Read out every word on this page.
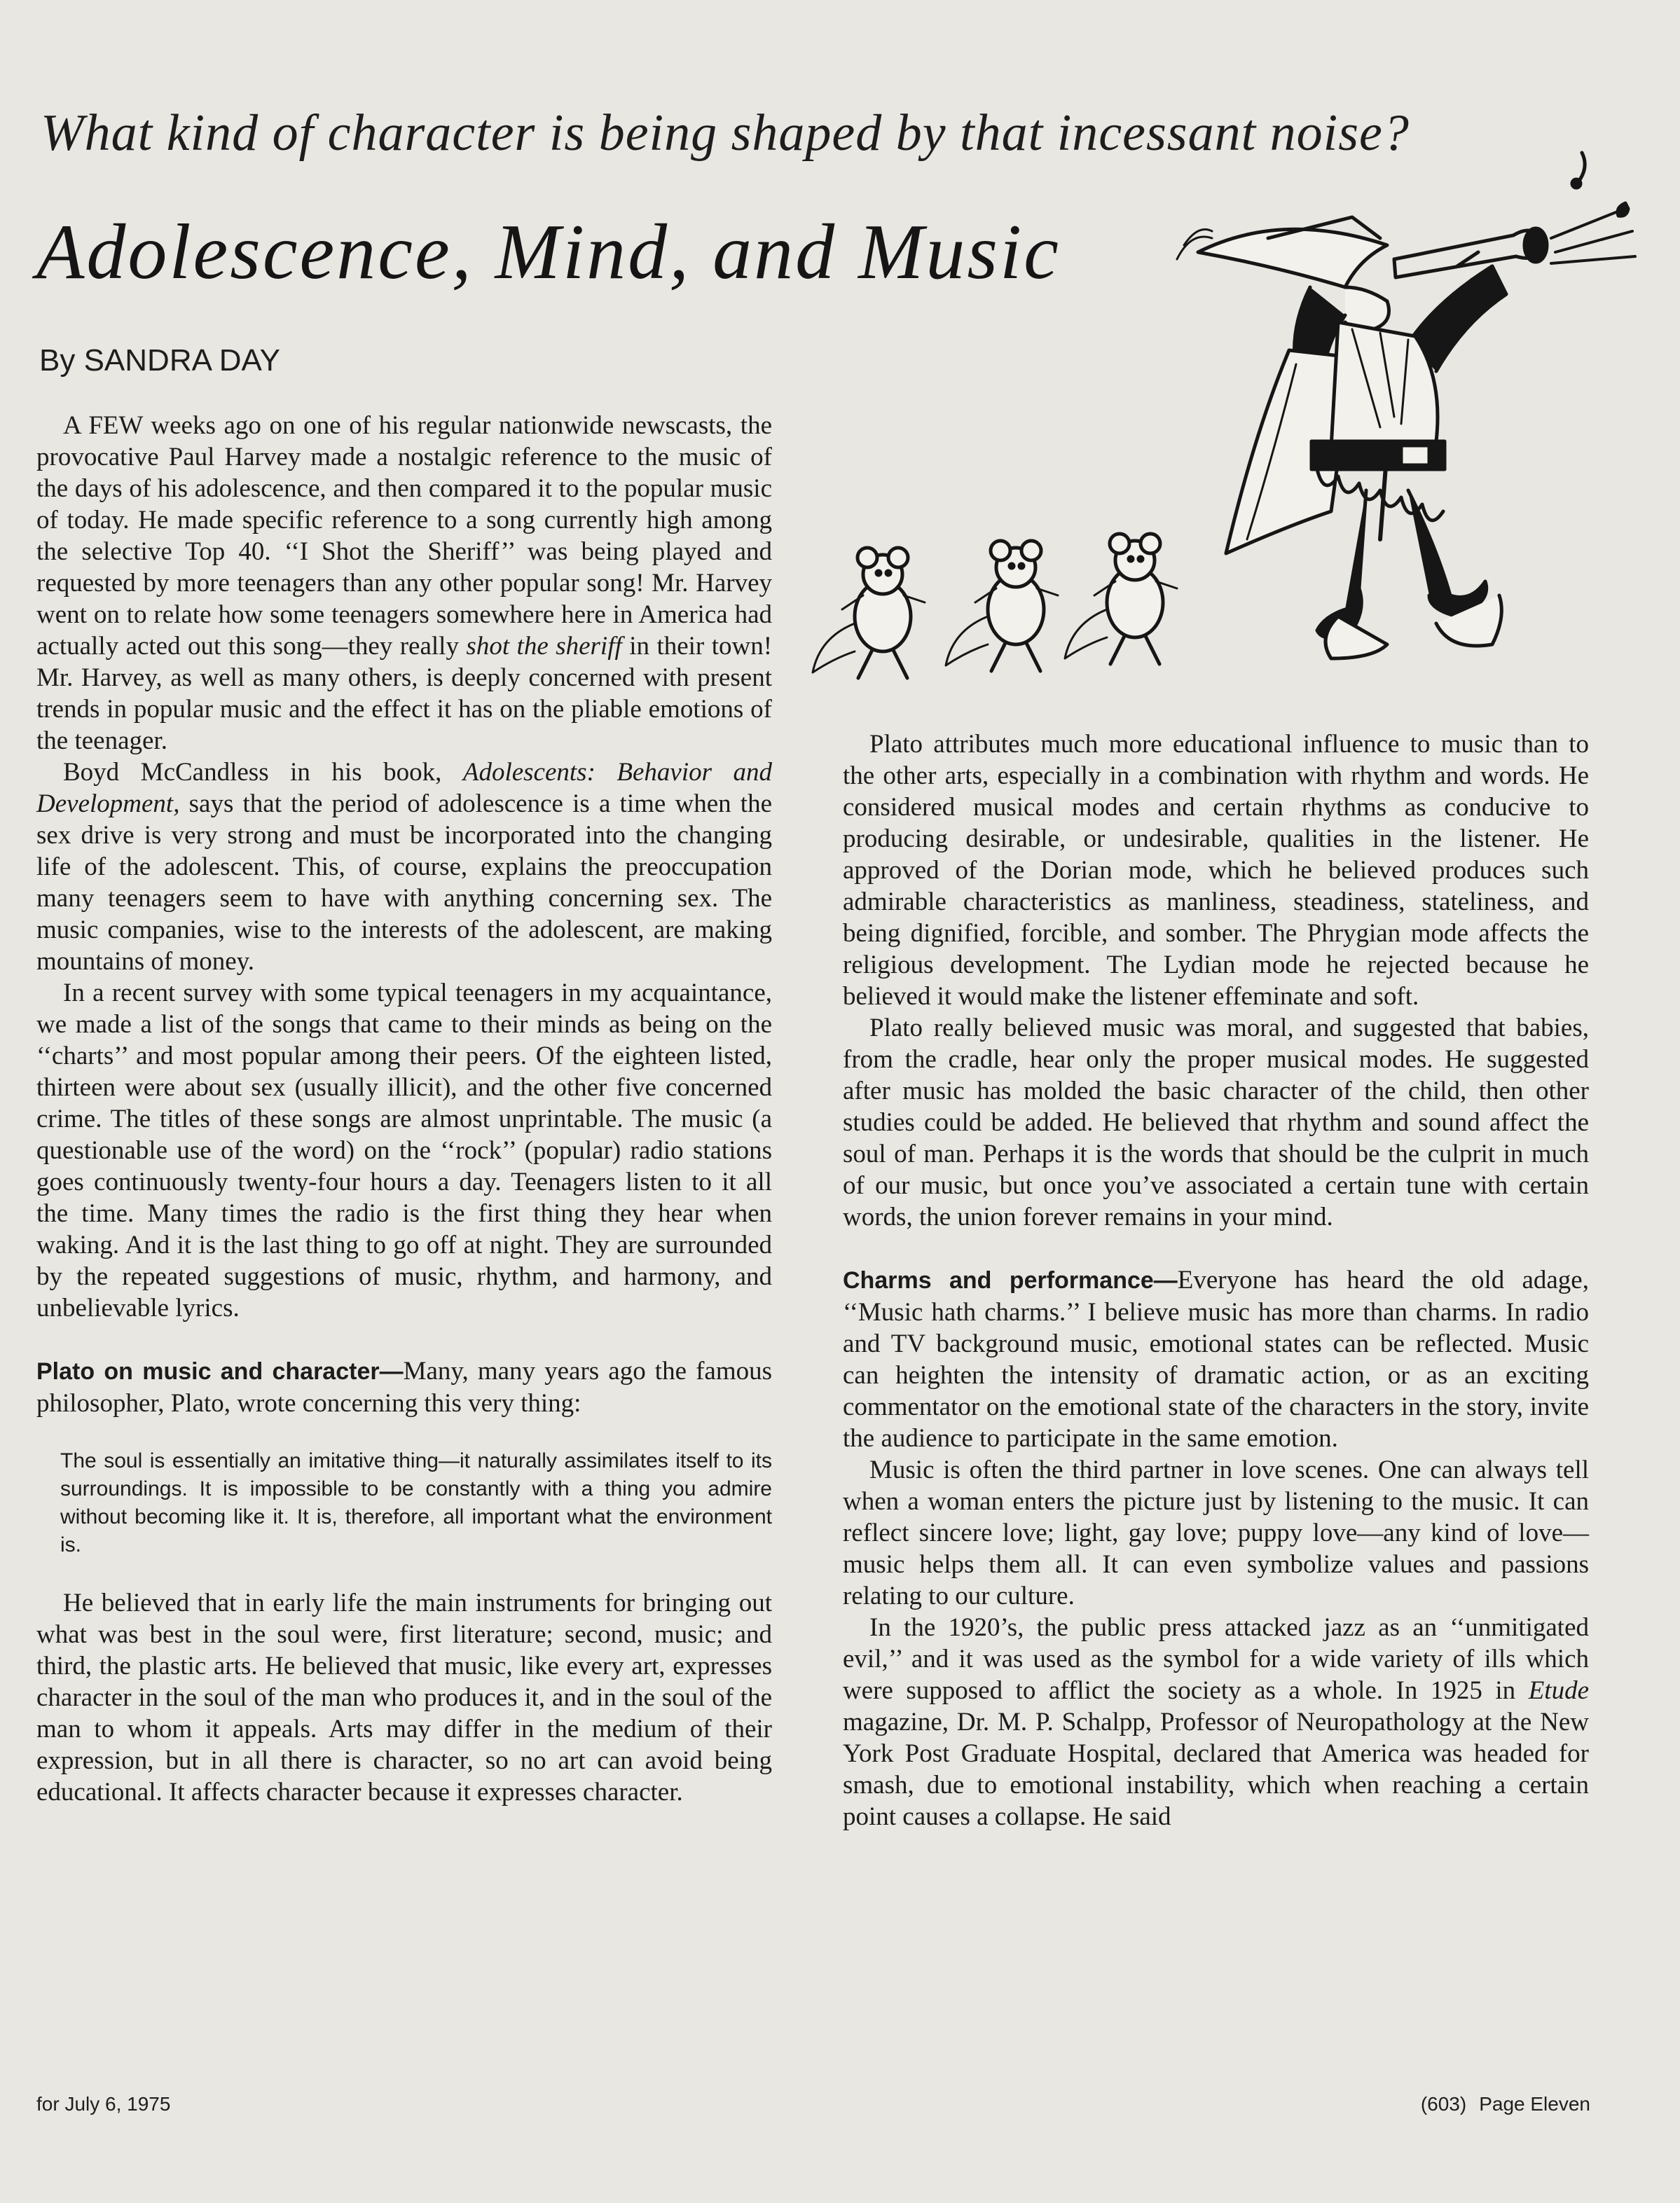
What kind of character is being shaped by that incessant noise?
Adolescence, Mind, and Music
By SANDRA DAY

A FEW weeks ago on one of his regular nationwide newscasts, the provocative Paul Harvey made a nostalgic reference to the music of the days of his adolescence, and then compared it to the popular music of today. He made specific reference to a song currently high among the selective Top 40. ‘‘I Shot the Sheriff’’ was being played and requested by more teenagers than any other popular song! Mr. Harvey went on to relate how some teenagers somewhere here in America had actually acted out this song—they really shot the sheriff in their town! Mr. Harvey, as well as many others, is deeply concerned with present trends in popular music and the effect it has on the pliable emotions of the teenager.

Boyd McCandless in his book, Adolescents: Behavior and Development, says that the period of adolescence is a time when the sex drive is very strong and must be incorporated into the changing life of the adolescent. This, of course, explains the preoccupation many teenagers seem to have with anything concerning sex. The music companies, wise to the interests of the adolescent, are making mountains of money.

In a recent survey with some typical teenagers in my acquaintance, we made a list of the songs that came to their minds as being on the ‘‘charts’’ and most popular among their peers. Of the eighteen listed, thirteen were about sex (usually illicit), and the other five concerned crime. The titles of these songs are almost unprintable. The music (a questionable use of the word) on the ‘‘rock’’ (popular) radio stations goes continuously twenty-four hours a day. Teenagers listen to it all the time. Many times the radio is the first thing they hear when waking. And it is the last thing to go off at night. They are surrounded by the repeated suggestions of music, rhythm, and harmony, and unbelievable lyrics.

Plato on music and character—Many, many years ago the famous philosopher, Plato, wrote concerning this very thing:

The soul is essentially an imitative thing—it naturally assimilates itself to its surroundings. It is impossible to be constantly with a thing you admire without becoming like it. It is, therefore, all important what the environment is.

He believed that in early life the main instruments for bringing out what was best in the soul were, first literature; second, music; and third, the plastic arts. He believed that music, like every art, expresses character in the soul of the man who produces it, and in the soul of the man to whom it appeals. Arts may differ in the medium of their expression, but in all there is character, so no art can avoid being educational. It affects character because it expresses character.

Plato attributes much more educational influence to music than to the other arts, especially in a combination with rhythm and words. He considered musical modes and certain rhythms as conducive to producing desirable, or undesirable, qualities in the listener. He approved of the Dorian mode, which he believed produces such admirable characteristics as manliness, steadiness, stateliness, and being dignified, forcible, and somber. The Phrygian mode affects the religious development. The Lydian mode he rejected because he believed it would make the listener effeminate and soft.

Plato really believed music was moral, and suggested that babies, from the cradle, hear only the proper musical modes. He suggested after music has molded the basic character of the child, then other studies could be added. He believed that rhythm and sound affect the soul of man. Perhaps it is the words that should be the culprit in much of our music, but once you’ve associated a certain tune with certain words, the union forever remains in your mind.

Charms and performance—Everyone has heard the old adage, ‘‘Music hath charms.’’ I believe music has more than charms. In radio and TV background music, emotional states can be reflected. Music can heighten the intensity of dramatic action, or as an exciting commentator on the emotional state of the characters in the story, invite the audience to participate in the same emotion.

Music is often the third partner in love scenes. One can always tell when a woman enters the picture just by listening to the music. It can reflect sincere love; light, gay love; puppy love—any kind of love—music helps them all. It can even symbolize values and passions relating to our culture.

In the 1920’s, the public press attacked jazz as an ‘‘unmitigated evil,’’ and it was used as the symbol for a wide variety of ills which were supposed to afflict the society as a whole. In 1925 in Etude magazine, Dr. M. P. Schalpp, Professor of Neuropathology at the New York Post Graduate Hospital, declared that America was headed for smash, due to emotional instability, which when reaching a certain point causes a collapse. He said

for July 6, 1975	(603) Page Eleven
